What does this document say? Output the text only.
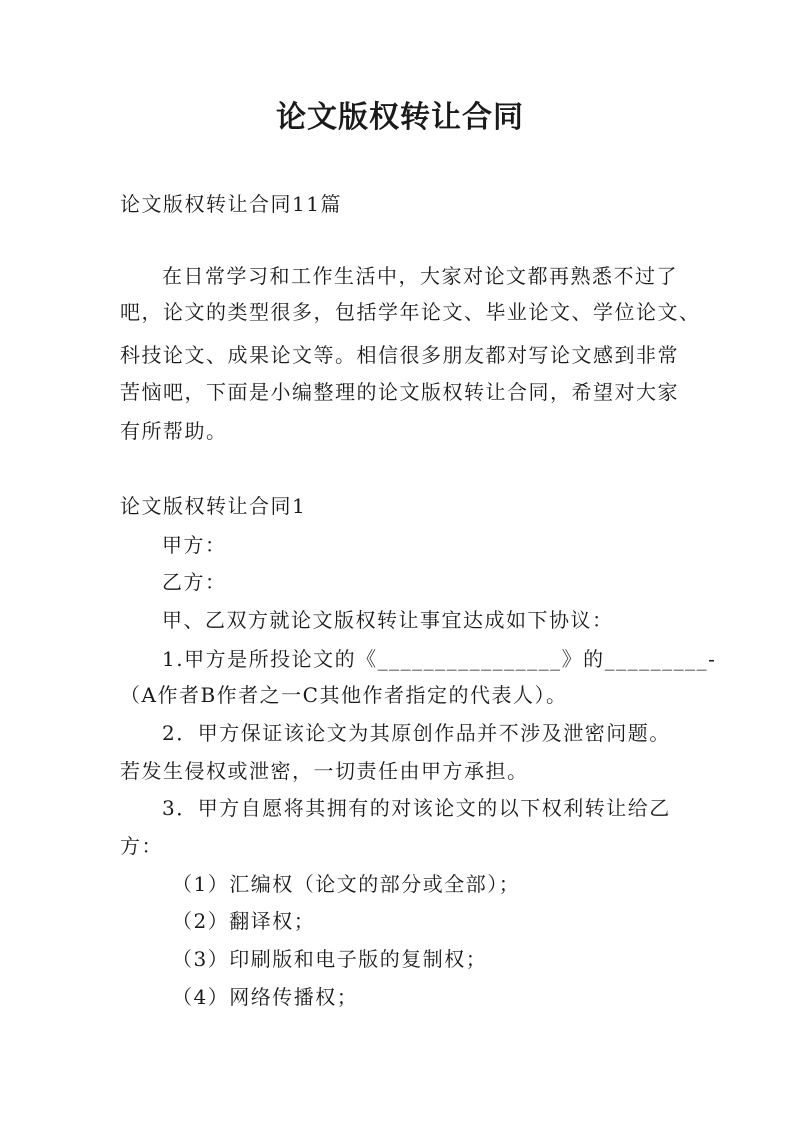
论文版权转让合同
论文版权转让合同11篇
在日常学习和工作生活中，大家对论文都再熟悉不过了
吧，论文的类型很多，包括学年论文、毕业论文、学位论文、
科技论文、成果论文等。相信很多朋友都对写论文感到非常
苦恼吧，下面是小编整理的论文版权转让合同，希望对大家
有所帮助。
论文版权转让合同1
甲方：
乙方：
甲、乙双方就论文版权转让事宜达成如下协议：
1.甲方是所投论文的《________________》的_________-
（A作者B作者之一C其他作者指定的代表人）。
2．甲方保证该论文为其原创作品并不涉及泄密问题。
若发生侵权或泄密，一切责任由甲方承担。
3．甲方自愿将其拥有的对该论文的以下权利转让给乙
方：
（1）汇编权（论文的部分或全部）；
（2）翻译权；
（3）印刷版和电子版的复制权；
（4）网络传播权；
